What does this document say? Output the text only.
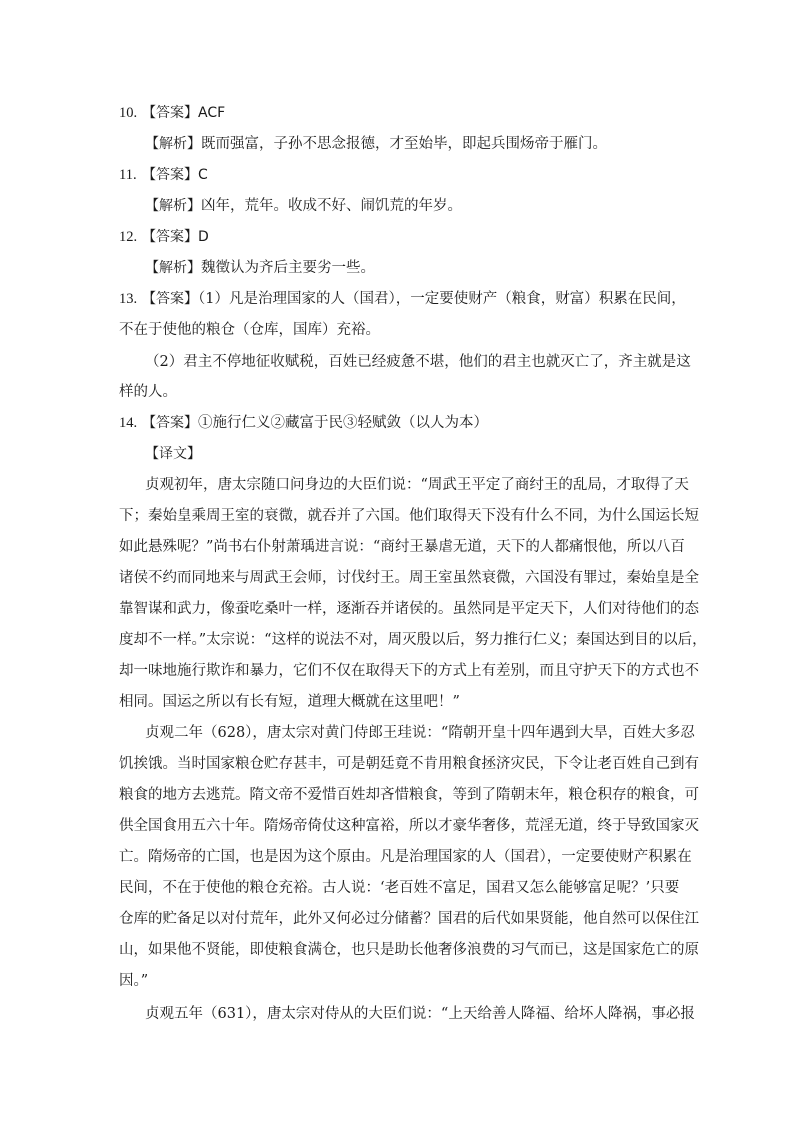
10. 【答案】ACF
【解析】既而强富，子孙不思念报德，才至始毕，即起兵围炀帝于雁门。
11. 【答案】C
【解析】凶年，荒年。收成不好、闹饥荒的年岁。
12. 【答案】D
【解析】魏徵认为齐后主要劣一些。
13. 【答案】（1）凡是治理国家的人（国君），一定要使财产（粮食，财富）积累在民间，
不在于使他的粮仓（仓库，国库）充裕。
（2）君主不停地征收赋税，百姓已经疲惫不堪，他们的君主也就灭亡了，齐主就是这
样的人。
14. 【答案】①施行仁义②藏富于民③轻赋敛（以人为本）
【译文】
贞观初年，唐太宗随口问身边的大臣们说：“周武王平定了商纣王的乱局，才取得了天
下；秦始皇乘周王室的衰微，就吞并了六国。他们取得天下没有什么不同，为什么国运长短
如此悬殊呢？”尚书右仆射萧瑀进言说：“商纣王暴虐无道，天下的人都痛恨他，所以八百
诸侯不约而同地来与周武王会师，讨伐纣王。周王室虽然衰微，六国没有罪过，秦始皇是全
靠智谋和武力，像蚕吃桑叶一样，逐渐吞并诸侯的。虽然同是平定天下，人们对待他们的态
度却不一样。”太宗说：“这样的说法不对，周灭殷以后，努力推行仁义；秦国达到目的以后，
却一味地施行欺诈和暴力，它们不仅在取得天下的方式上有差别，而且守护天下的方式也不
相同。国运之所以有长有短，道理大概就在这里吧！”
贞观二年（628），唐太宗对黄门侍郎王珪说：“隋朝开皇十四年遇到大旱，百姓大多忍
饥挨饿。当时国家粮仓贮存甚丰，可是朝廷竟不肯用粮食拯济灾民，下令让老百姓自己到有
粮食的地方去逃荒。隋文帝不爱惜百姓却吝惜粮食，等到了隋朝末年，粮仓积存的粮食，可
供全国食用五六十年。隋炀帝倚仗这种富裕，所以才豪华奢侈，荒淫无道，终于导致国家灭
亡。隋炀帝的亡国，也是因为这个原由。凡是治理国家的人（国君），一定要使财产积累在
民间，不在于使他的粮仓充裕。古人说：‘老百姓不富足，国君又怎么能够富足呢？’只要
仓库的贮备足以对付荒年，此外又何必过分储蓄？国君的后代如果贤能，他自然可以保住江
山，如果他不贤能，即使粮食满仓，也只是助长他奢侈浪费的习气而已，这是国家危亡的原
因。”
贞观五年（631），唐太宗对侍从的大臣们说：“上天给善人降福、给坏人降祸，事必报
